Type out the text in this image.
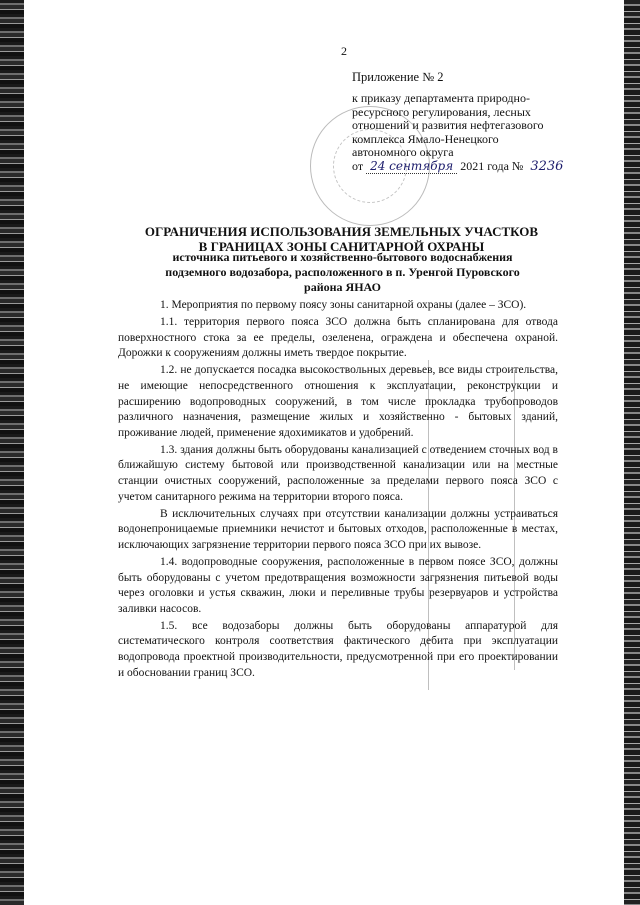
2
Приложение № 2
к приказу департамента природно-
ресурсного регулирования, лесных
отношений и развития нефтегазового
комплекса Ямало-Ненецкого
автономного округа
от 24 сентября 2021 года № 3236
ОГРАНИЧЕНИЯ ИСПОЛЬЗОВАНИЯ ЗЕМЕЛЬНЫХ УЧАСТКОВ В ГРАНИЦАХ ЗОНЫ САНИТАРНОЙ ОХРАНЫ
источника питьевого и хозяйственно-бытового водоснабжения подземного водозабора, расположенного в п. Уренгой Пуровского района ЯНАО

1. Мероприятия по первому поясу зоны санитарной охраны (далее – ЗСО).

1.1. территория первого пояса ЗСО должна быть спланирована для отвода поверхностного стока за ее пределы, озеленена, ограждена и обеспечена охраной. Дорожки к сооружениям должны иметь твердое покрытие.

1.2. не допускается посадка высокоствольных деревьев, все виды строительства, не имеющие непосредственного отношения к эксплуатации, реконструкции и расширению водопроводных сооружений, в том числе прокладка трубопроводов различного назначения, размещение жилых и хозяйственно - бытовых зданий, проживание людей, применение ядохимикатов и удобрений.

1.3. здания должны быть оборудованы канализацией с отведением сточных вод в ближайшую систему бытовой или производственной канализации или на местные станции очистных сооружений, расположенные за пределами первого пояса ЗСО с учетом санитарного режима на территории второго пояса.

В исключительных случаях при отсутствии канализации должны устраиваться водонепроницаемые приемники нечистот и бытовых отходов, расположенные в местах, исключающих загрязнение территории первого пояса ЗСО при их вывозе.

1.4. водопроводные сооружения, расположенные в первом поясе ЗСО, должны быть оборудованы с учетом предотвращения возможности загрязнения питьевой воды через оголовки и устья скважин, люки и переливные трубы резервуаров и устройства заливки насосов.

1.5. все водозаборы должны быть оборудованы аппаратурой для систематического контроля соответствия фактического дебита при эксплуатации водопровода проектной производительности, предусмотренной при его проектировании и обосновании границ ЗСО.
